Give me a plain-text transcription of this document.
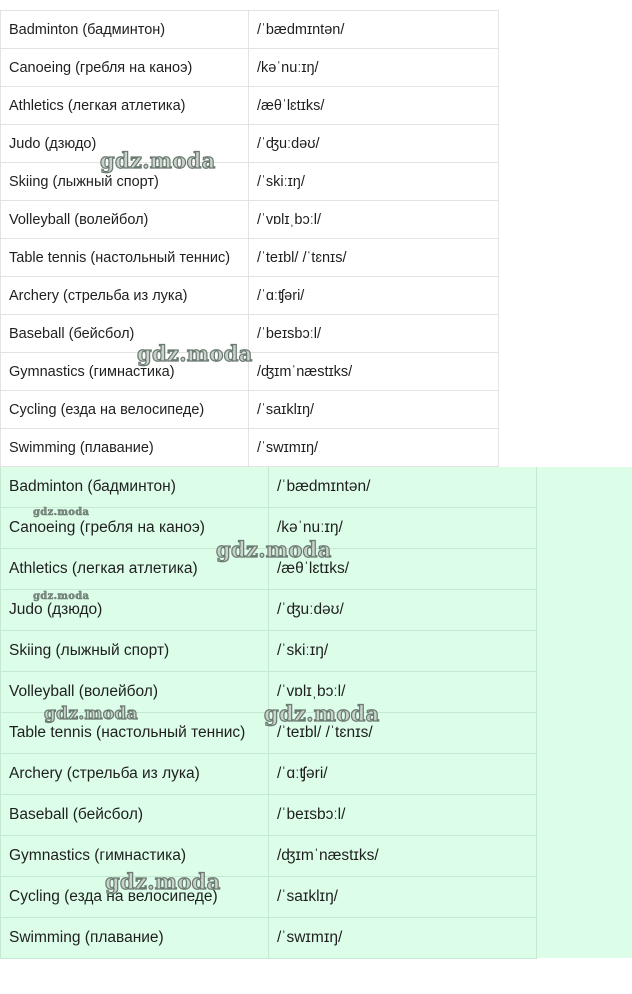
Badminton (бадминтон)	/ˈbædmɪntən/
Canoeing (гребля на каноэ)	/kəˈnuːɪŋ/
Athletics (легкая атлетика)	/æθˈlɛtɪks/
Judo (дзюдо)	/ˈʤuːdəʊ/
Skiing (лыжный спорт)	/ˈskiːɪŋ/
Volleyball (волейбол)	/ˈvɒlɪˌbɔːl/
Table tennis (настольный теннис)	/ˈteɪbl/ /ˈtɛnɪs/
Archery (стрельба из лука)	/ˈɑːʧəri/
Baseball (бейсбол)	/ˈbeɪsbɔːl/
Gymnastics (гимнастика)	/ʤɪmˈnæstɪks/
Cycling (езда на велосипеде)	/ˈsaɪklɪŋ/
Swimming (плавание)	/ˈswɪmɪŋ/
Badminton (бадминтон)	/ˈbædmɪntən/
Canoeing (гребля на каноэ)	/kəˈnuːɪŋ/
Athletics (легкая атлетика)	/æθˈlɛtɪks/
Judo (дзюдо)	/ˈʤuːdəʊ/
Skiing (лыжный спорт)	/ˈskiːɪŋ/
Volleyball (волейбол)	/ˈvɒlɪˌbɔːl/
Table tennis (настольный теннис)	/ˈteɪbl/ /ˈtɛnɪs/
Archery (стрельба из лука)	/ˈɑːʧəri/
Baseball (бейсбол)	/ˈbeɪsbɔːl/
Gymnastics (гимнастика)	/ʤɪmˈnæstɪks/
Cycling (езда на велосипеде)	/ˈsaɪklɪŋ/
Swimming (плавание)	/ˈswɪmɪŋ/
gdz.moda
gdz.moda
gdz.moda
gdz.moda
gdz.moda
gdz.moda	gdz.moda
gdz.moda
